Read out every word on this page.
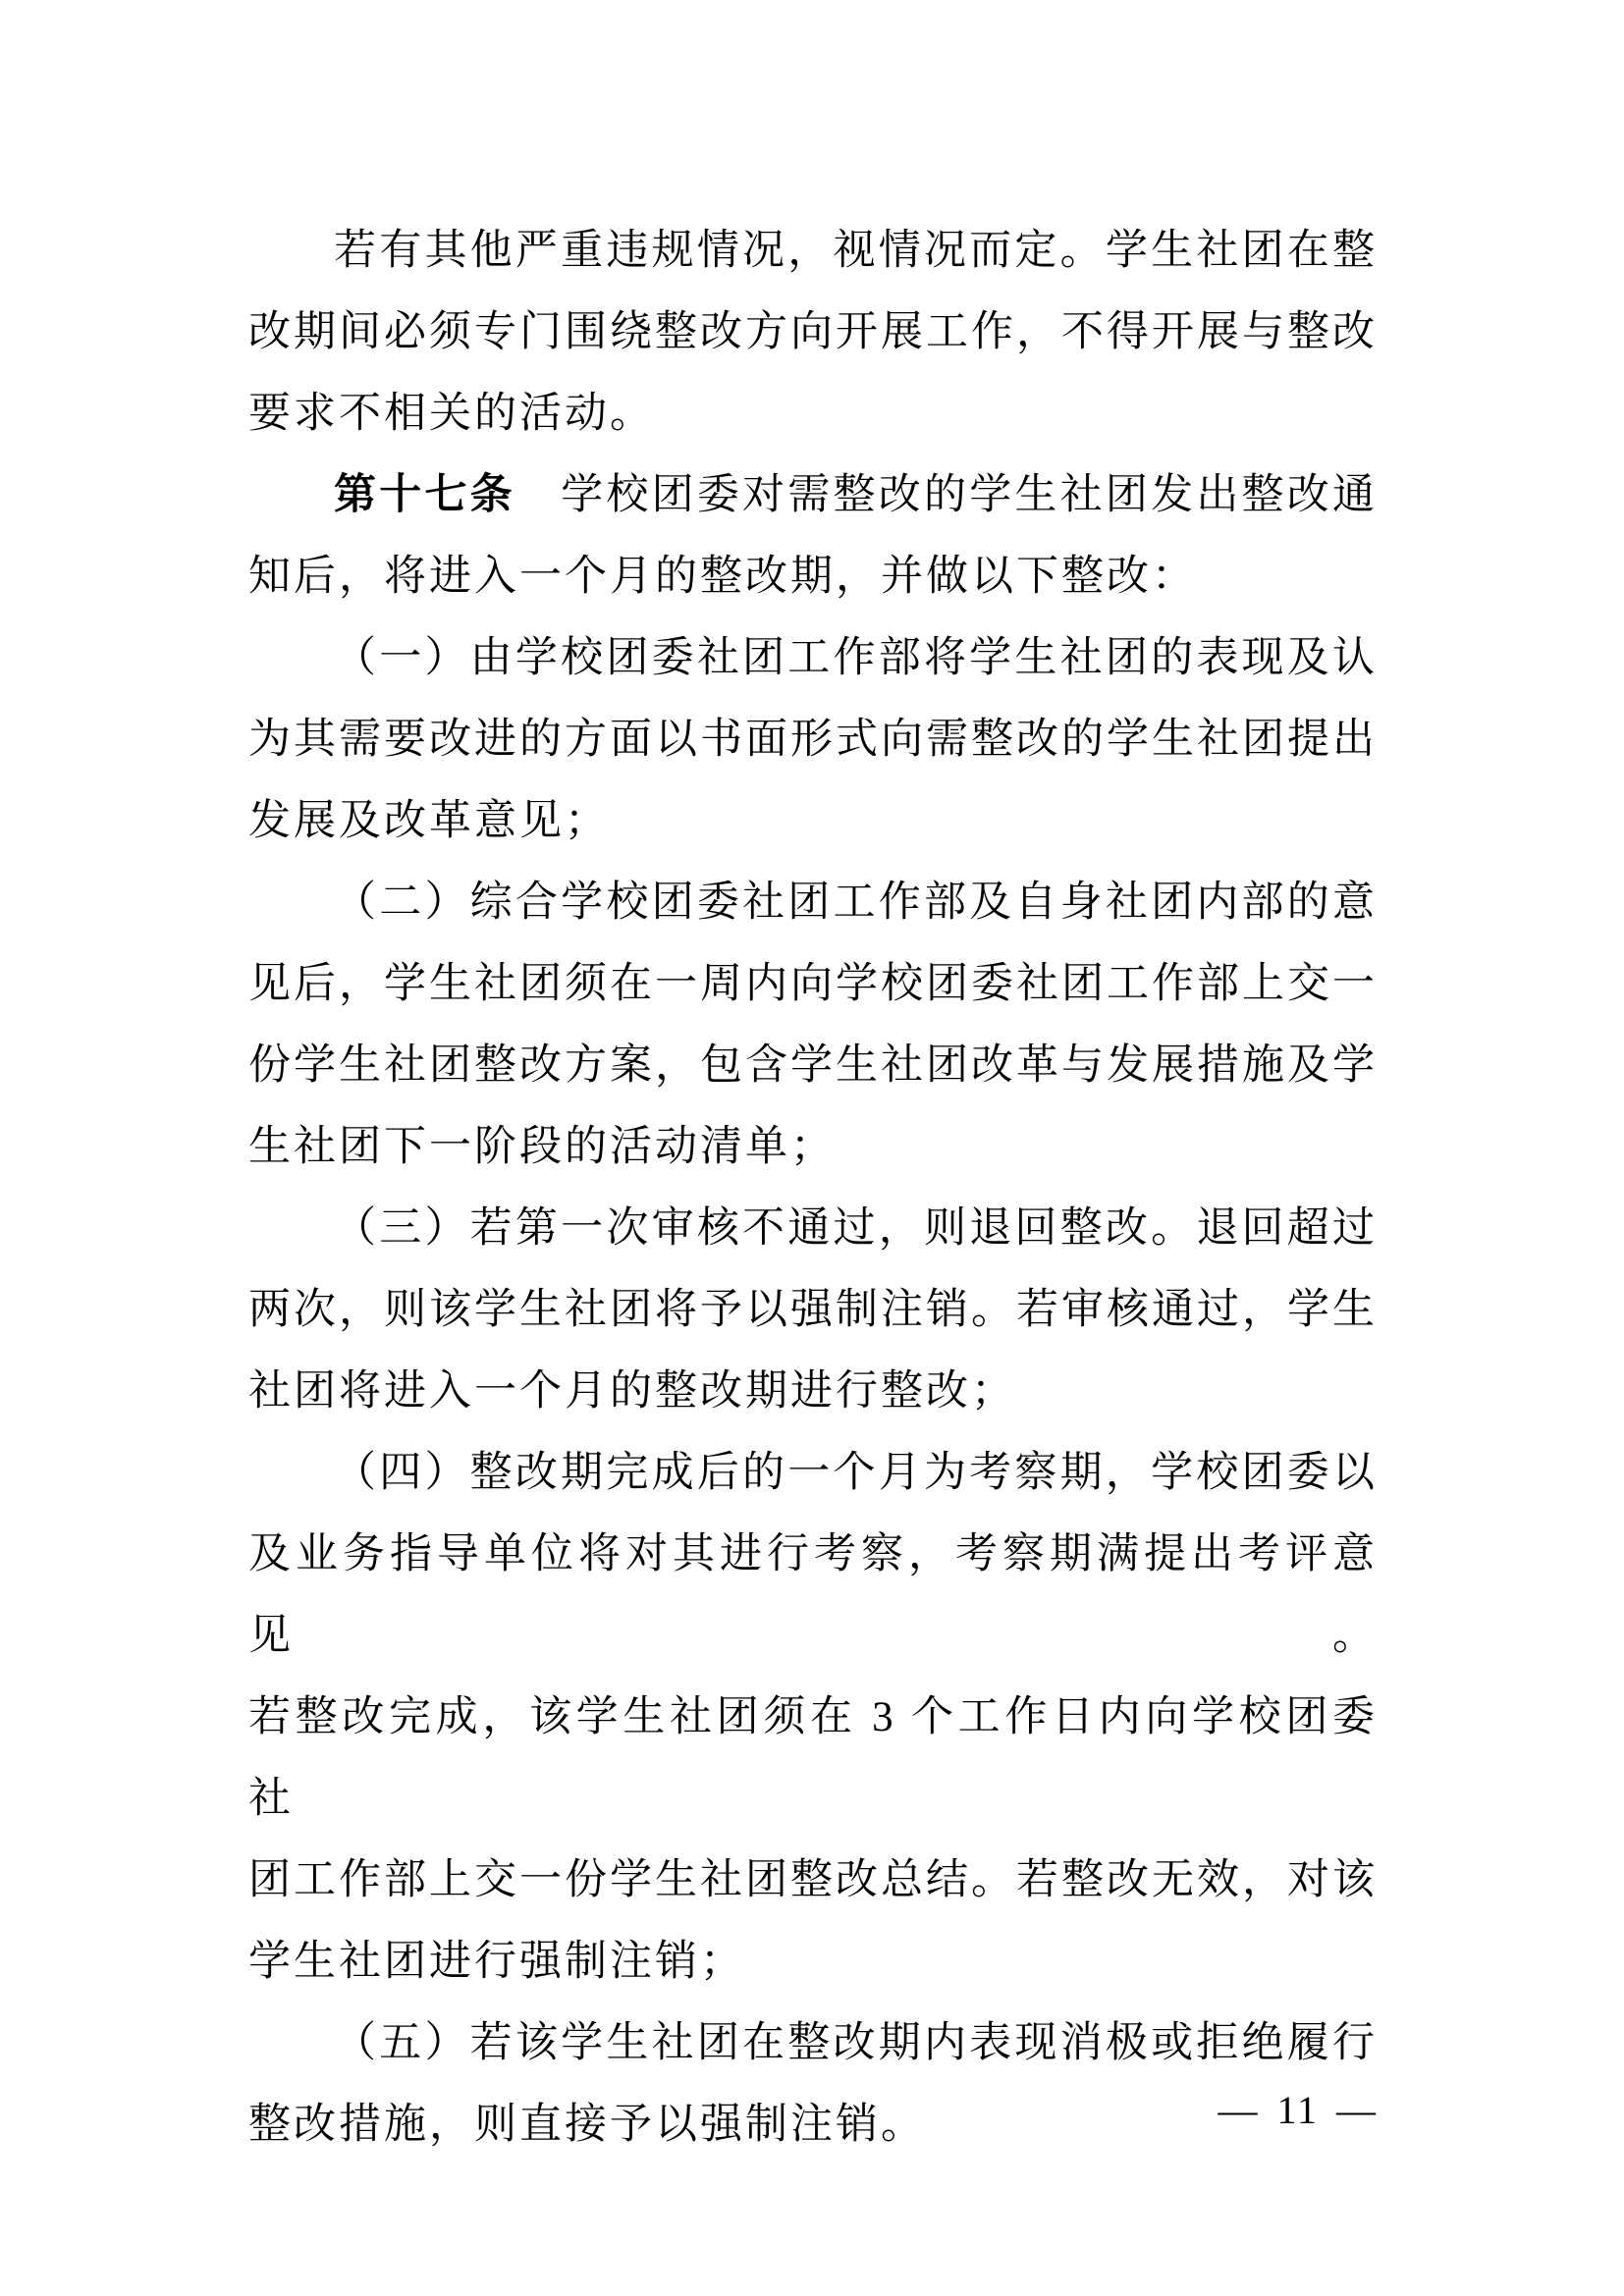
若有其他严重违规情况，视情况而定。学生社团在整
改期间必须专门围绕整改方向开展工作，不得开展与整改
要求不相关的活动。
第十七条　学校团委对需整改的学生社团发出整改通
知后，将进入一个月的整改期，并做以下整改：
（一）由学校团委社团工作部将学生社团的表现及认
为其需要改进的方面以书面形式向需整改的学生社团提出
发展及改革意见；
（二）综合学校团委社团工作部及自身社团内部的意
见后，学生社团须在一周内向学校团委社团工作部上交一
份学生社团整改方案，包含学生社团改革与发展措施及学
生社团下一阶段的活动清单；
（三）若第一次审核不通过，则退回整改。退回超过
两次，则该学生社团将予以强制注销。若审核通过，学生
社团将进入一个月的整改期进行整改；
（四）整改期完成后的一个月为考察期，学校团委以
及业务指导单位将对其进行考察，考察期满提出考评意见。
若整改完成，该学生社团须在 3 个工作日内向学校团委社
团工作部上交一份学生社团整改总结。若整改无效，对该
学生社团进行强制注销；
（五）若该学生社团在整改期内表现消极或拒绝履行
整改措施，则直接予以强制注销。	— 11 —
